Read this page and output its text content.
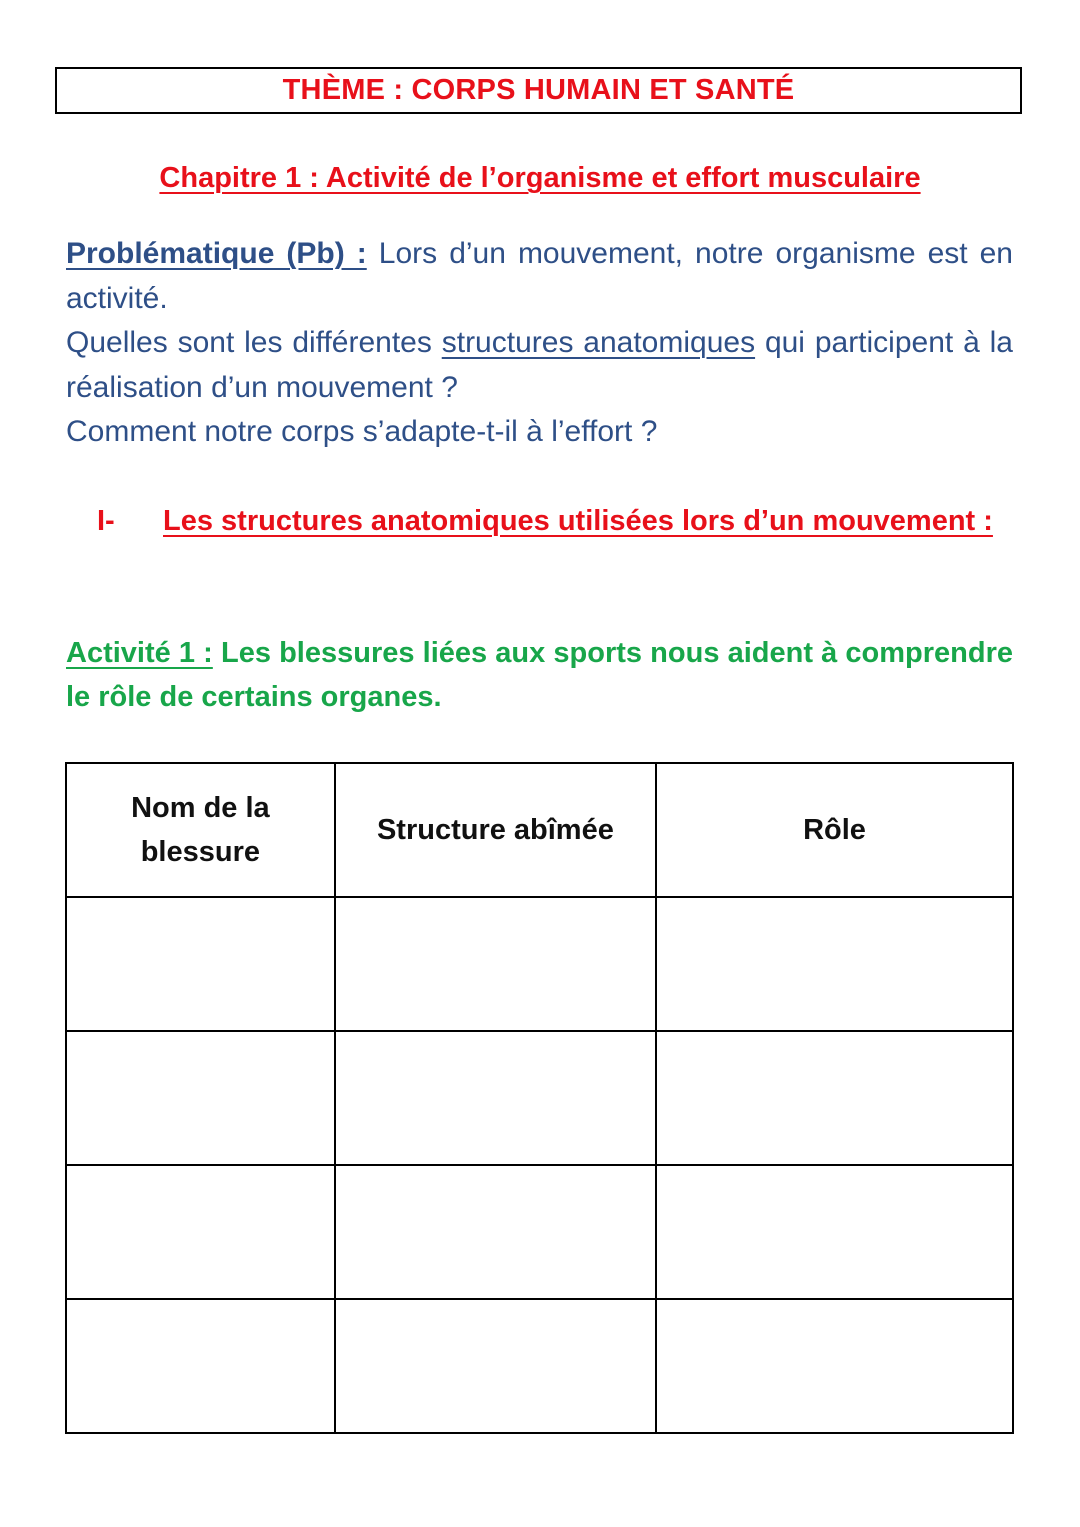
THÈME : CORPS HUMAIN ET SANTÉ
Chapitre 1 : Activité de l’organisme et effort musculaire

Problématique (Pb) : Lors d’un mouvement, notre organisme est en activité.

Quelles sont les différentes structures anatomiques qui participent à la réalisation d’un mouvement ?

Comment notre corps s’adapte-t-il à l’effort ?

I-	Les structures anatomiques utilisées lors d’un mouvement :
Activité 1 : Les blessures liées aux sports nous aident à comprendre le rôle de certains organes.
Nom de la blessure	Structure abîmée	Rôle
